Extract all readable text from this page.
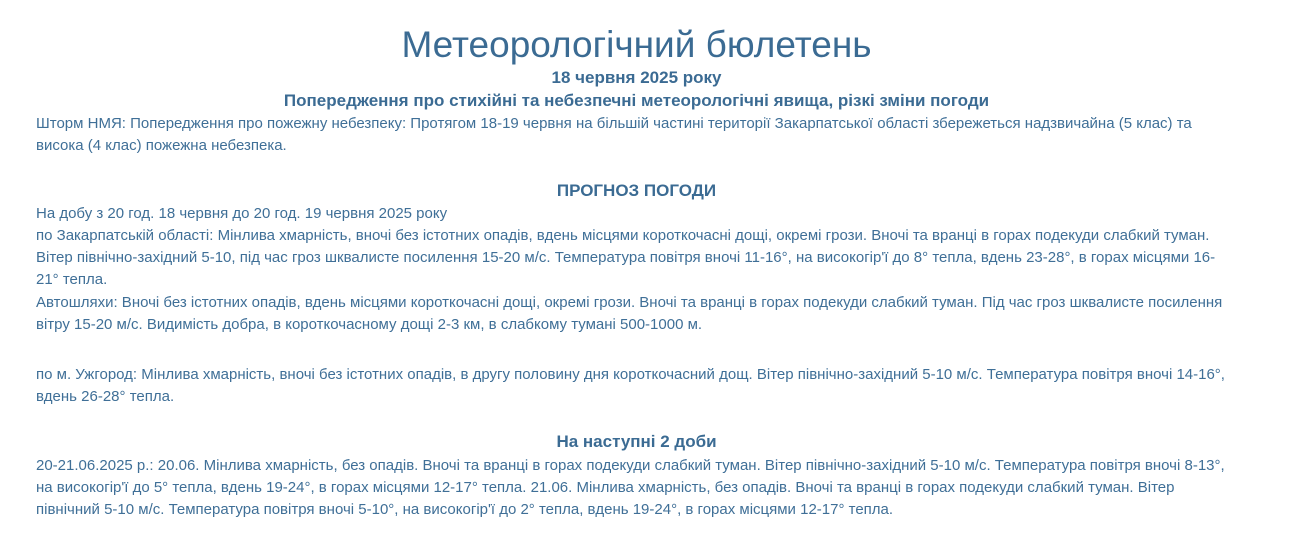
Метеорологічний бюлетень
18 червня 2025 року
Попередження про стихійні та небезпечні метеорологічні явища, різкі зміни погоди

Шторм НМЯ: Попередження про пожежну небезпеку: Протягом 18-19 червня на більшій частині території Закарпатської області збережеться надзвичайна (5 клас) та висока (4 клас) пожежна небезпека.

ПРОГНОЗ ПОГОДИ

На добу з 20 год. 18 червня до 20 год. 19 червня 2025 року

по Закарпатській області: Мінлива хмарність, вночі без істотних опадів, вдень місцями короткочасні дощі, окремі грози. Вночі та вранці в горах подекуди слабкий туман. Вітер північно-західний 5-10, під час гроз шквалисте посилення 15-20 м/с. Температура повітря вночі 11-16°, на високогір'ї до 8° тепла, вдень 23-28°, в горах місцями 16-21° тепла.

Автошляхи: Вночі без істотних опадів, вдень місцями короткочасні дощі, окремі грози. Вночі та вранці в горах подекуди слабкий туман. Під час гроз шквалисте посилення вітру 15-20 м/с. Видимість добра, в короткочасному дощі 2-3 км, в слабкому тумані 500-1000 м.

по м. Ужгород: Мінлива хмарність, вночі без істотних опадів, в другу половину дня короткочасний дощ. Вітер північно-західний 5-10 м/с. Температура повітря вночі 14-16°, вдень 26-28° тепла.

На наступні 2 доби

20-21.06.2025 р.: 20.06. Мінлива хмарність, без опадів. Вночі та вранці в горах подекуди слабкий туман. Вітер північно-західний 5-10 м/с. Температура повітря вночі 8-13°, на високогір'ї до 5° тепла, вдень 19-24°, в горах місцями 12-17° тепла. 21.06. Мінлива хмарність, без опадів. Вночі та вранці в горах подекуди слабкий туман. Вітер північний 5-10 м/с. Температура повітря вночі 5-10°, на високогір'ї до 2° тепла, вдень 19-24°, в горах місцями 12-17° тепла.
